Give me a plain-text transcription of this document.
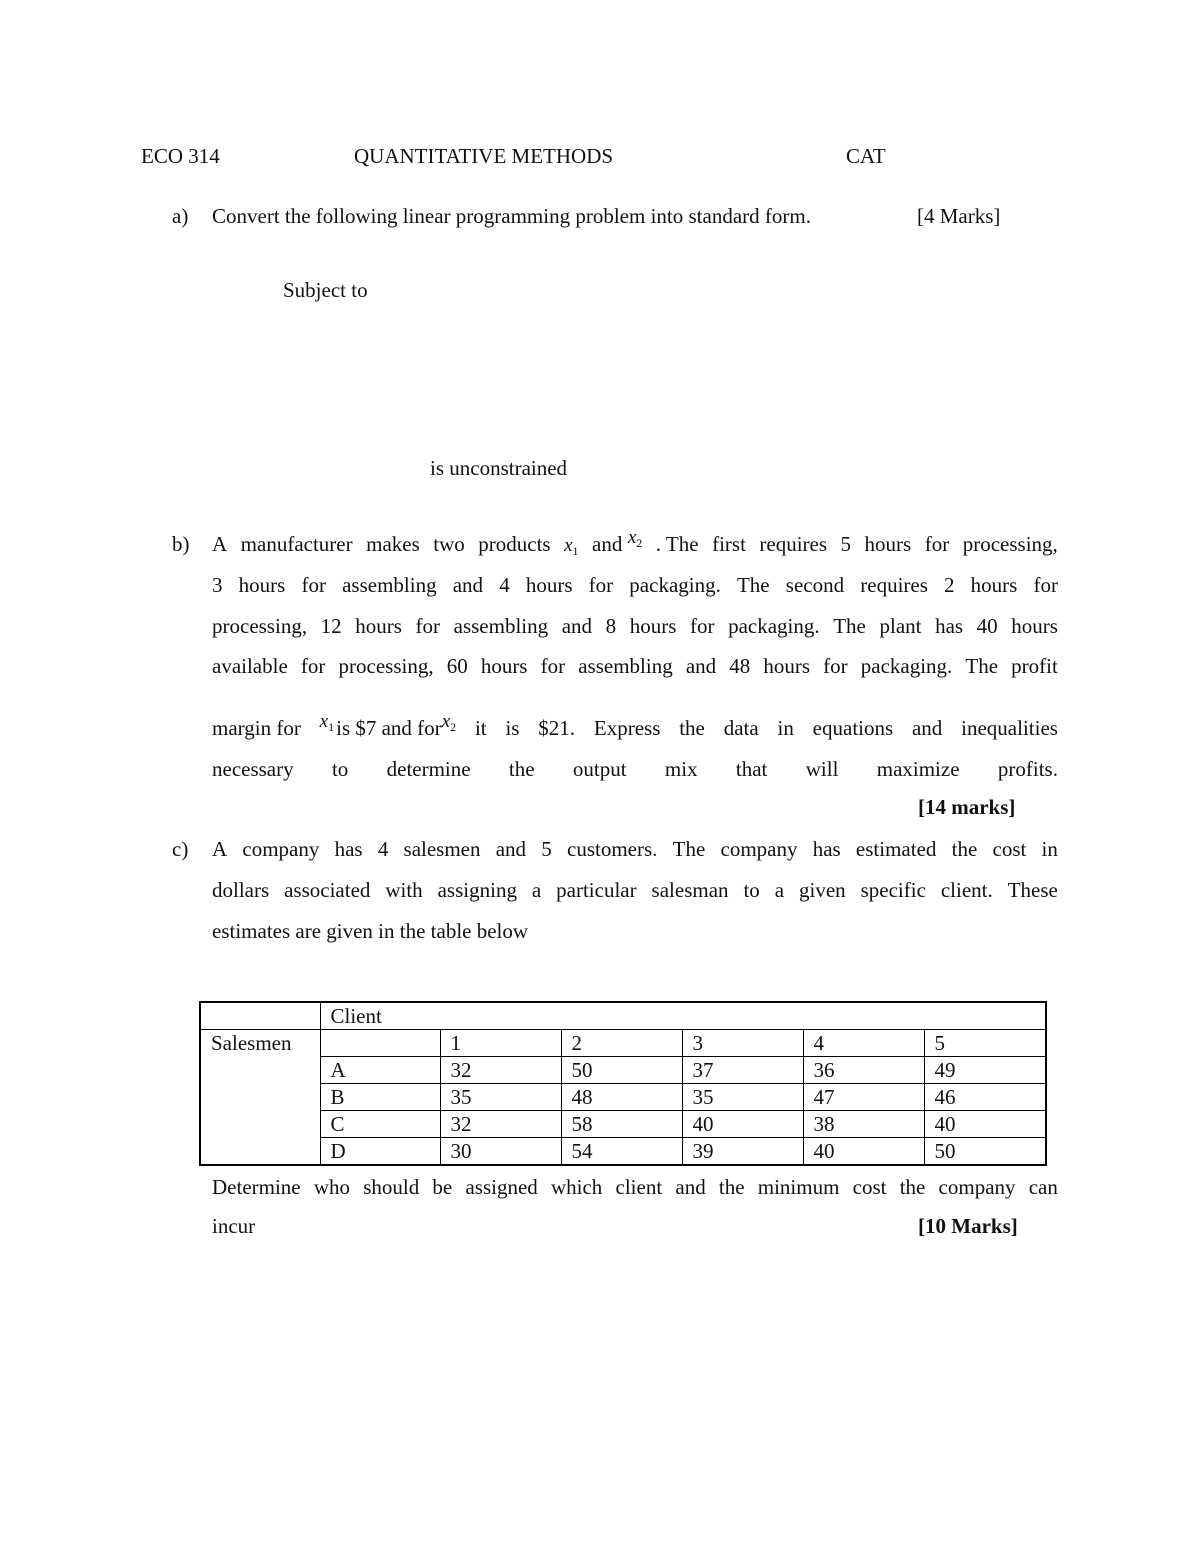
ECO 314	QUANTITATIVE METHODS	CAT
a) Convert the following linear programming problem into standard form.	[4 Marks]
Subject to
is unconstrained
b) A manufacturer makes two products $x_1$ and $x_2$ . The first requires 5 hours for processing,
3 hours for assembling and 4 hours for packaging. The second requires 2 hours for
processing, 12 hours for assembling and 8 hours for packaging. The plant has 40 hours
available for processing, 60 hours for assembling and 48 hours for packaging. The profit
margin for $x_1is$ $7 and forx$_2$ it is $21. Express the data in equations and inequalities
necessary to determine the output mix that will maximize profits.
[14 marks]
c) A company has 4 salesmen and 5 customers. The company has estimated the cost in
dollars associated with assigning a particular salesman to a given specific client. These
estimates are given in the table below
	Client					
Salesmen		1	2	3	4	5
	A	32	50	37	36	49
	B	35	48	35	47	46
	C	32	58	40	38	40
	D	30	54	39	40	50
Determine who should be assigned which client and the minimum cost the company can
incur	[10 Marks]
